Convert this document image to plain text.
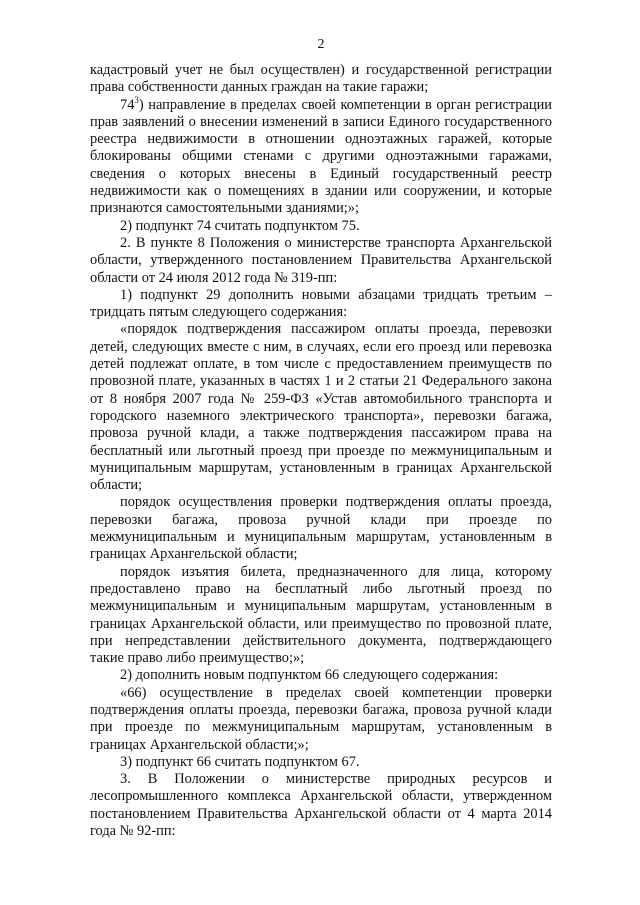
2

кадастровый учет не был осуществлен) и государственной регистрации права собственности данных граждан на такие гаражи;

$74^3$) направление в пределах своей компетенции в орган регистрации прав заявлений о внесении изменений в записи Единого государственного реестра недвижимости в отношении одноэтажных гаражей, которые блокированы общими стенами с другими одноэтажными гаражами, сведения о которых внесены в Единый государственный реестр недвижимости как о помещениях в здании или сооружении, и которые признаются самостоятельными зданиями;»;

2) подпункт 74 считать подпунктом 75.

2. В пункте 8 Положения о министерстве транспорта Архангельской области, утвержденного постановлением Правительства Архангельской области от 24 июля 2012 года № 319-пп:

1) подпункт 29 дополнить новыми абзацами тридцать третьим – тридцать пятым следующего содержания:

«порядок подтверждения пассажиром оплаты проезда, перевозки детей, следующих вместе с ним, в случаях, если его проезд или перевозка детей подлежат оплате, в том числе с предоставлением преимуществ по провозной плате, указанных в частях 1 и 2 статьи 21 Федерального закона от 8 ноября 2007 года № 259-ФЗ «Устав автомобильного транспорта и городского наземного электрического транспорта», перевозки багажа, провоза ручной клади, а также подтверждения пассажиром права на бесплатный или льготный проезд при проезде по межмуниципальным и муниципальным маршрутам, установленным в границах Архангельской области;

порядок осуществления проверки подтверждения оплаты проезда, перевозки багажа, провоза ручной клади при проезде по межмуниципальным и муниципальным маршрутам, установленным в границах Архангельской области;

порядок изъятия билета, предназначенного для лица, которому предоставлено право на бесплатный либо льготный проезд по межмуниципальным и муниципальным маршрутам, установленным в границах Архангельской области, или преимущество по провозной плате, при непредставлении действительного документа, подтверждающего такие право либо преимущество;»;

2) дополнить новым подпунктом 66 следующего содержания:

«66) осуществление в пределах своей компетенции проверки подтверждения оплаты проезда, перевозки багажа, провоза ручной клади при проезде по межмуниципальным маршрутам, установленным в границах Архангельской области;»;

3) подпункт 66 считать подпунктом 67.

3. В Положении о министерстве природных ресурсов и лесопромышленного комплекса Архангельской области, утвержденном постановлением Правительства Архангельской области от 4 марта 2014 года № 92-пп:
